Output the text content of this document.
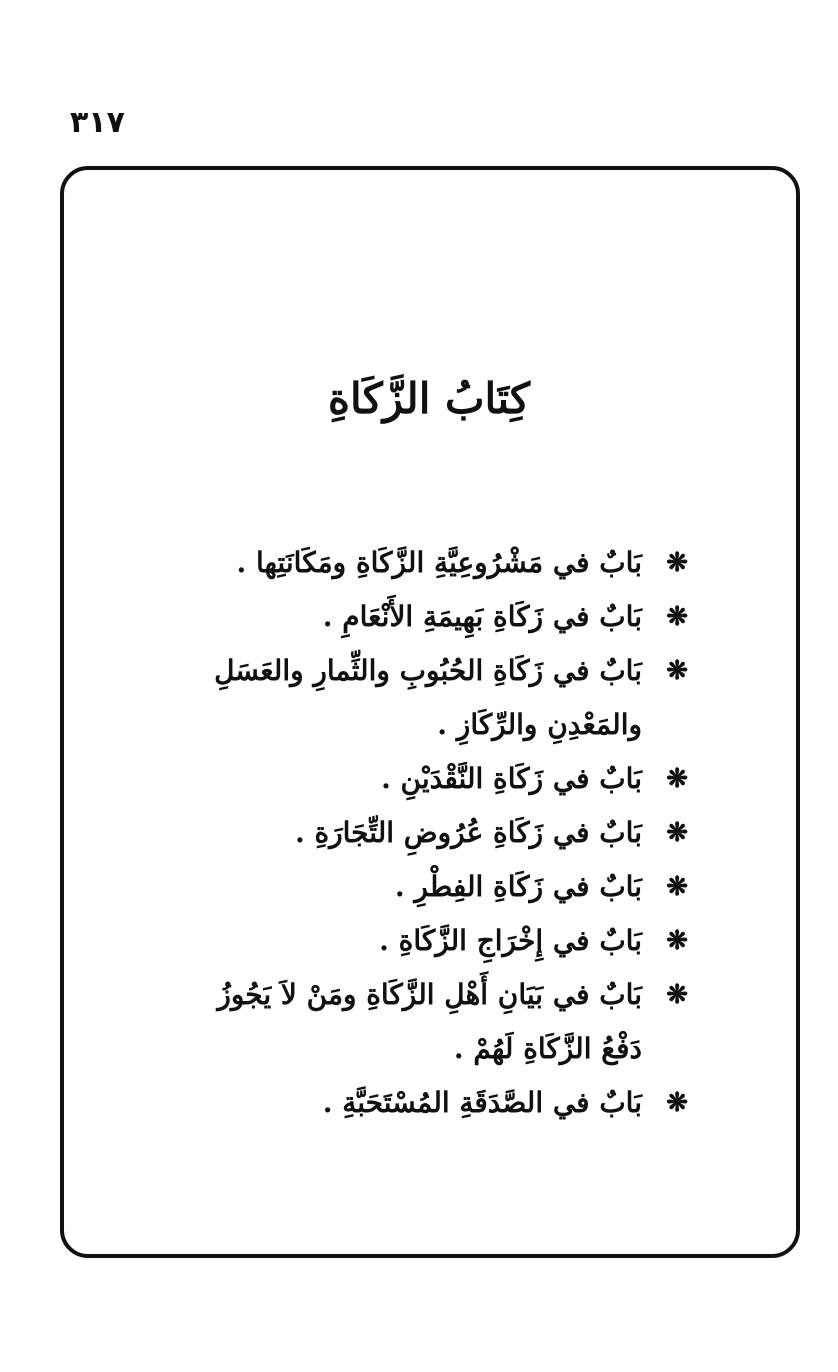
٣١٧
كِتَابُ الزَّكَاةِ
❋
بَابٌ في مَشْرُوعِيَّةِ الزَّكَاةِ ومَكَانَتِها .
❋
بَابٌ في زَكَاةِ بَهِيمَةِ الأَنْعَامِ .
❋
بَابٌ في زَكَاةِ الحُبُوبِ والثِّمارِ والعَسَلِ والمَعْدِنِ والرِّكَازِ .
❋
بَابٌ في زَكَاةِ النَّقْدَيْنِ .
❋
بَابٌ في زَكَاةِ عُرُوضِ التِّجَارَةِ .
❋
بَابٌ في زَكَاةِ الفِطْرِ .
❋
بَابٌ في إِخْرَاجِ الزَّكَاةِ .
❋
بَابٌ في بَيَانِ أَهْلِ الزَّكَاةِ ومَنْ لاَ يَجُوزُ دَفْعُ الزَّكَاةِ لَهُمْ .
❋
بَابٌ في الصَّدَقَةِ المُسْتَحَبَّةِ .
